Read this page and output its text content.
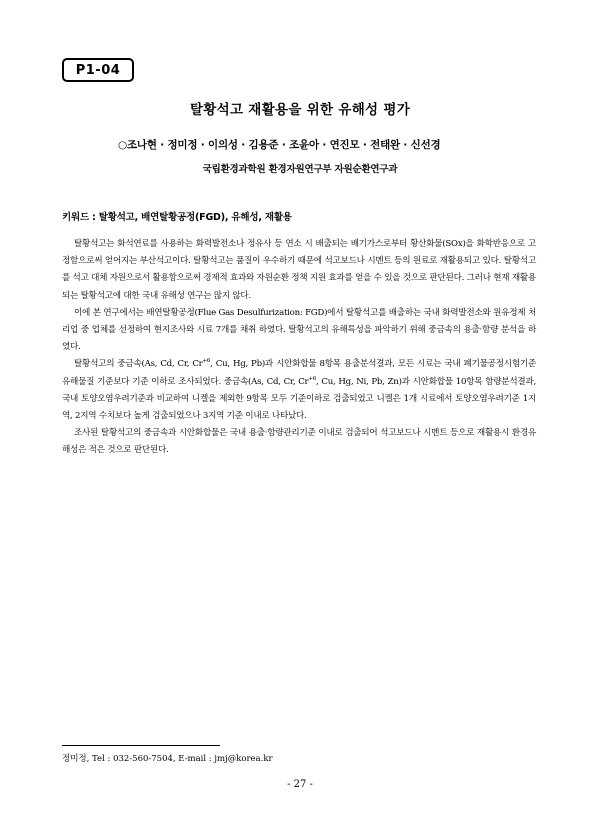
P1-04
탈황석고 재활용을 위한 유해성 평가
○조나현 · 정미정 · 이의성 · 김용준 · 조윤아 · 연진모 · 전태완 · 신선경
국립환경과학원 환경자원연구부 자원순환연구과
키워드 : 탈황석고, 배연탈황공정(FGD), 유해성, 재활용

탈황석고는 화석연료를 사용하는 화력발전소나 정유사 등 연소 시 배출되는 배기가스로부터 황산화물(SOx)을 화학반응으로 고정함으로써 얻어지는 부산석고이다. 탈황석고는 품질이 우수하기 때문에 석고보드나 시멘트 등의 원료로 재활용되고 있다. 탈황석고를 석고 대체 자원으로서 활용함으로써 경제적 효과와 자원순환 정책 지원 효과를 얻을 수 있을 것으로 판단된다. 그러나 현재 재활용 되는 탈황석고에 대한 국내 유해성 연구는 많지 않다.

이에 본 연구에서는 배연탈황공정(Flue Gas Desulfurization: FGD)에서 탈황석고를 배출하는 국내 화력발전소와 원유정제 처리업 중 업체를 선정하여 현지조사와 시료 7개를 채취 하였다. 탈황석고의 유해특성을 파악하기 위해 중금속의 용출·함량 분석을 하였다.

탈황석고의 중금속(As, Cd, Cr, $Cr^{+6}$, Cu, Hg, Pb)과 시안화합물 8항목 용출분석결과, 모든 시료는 국내 폐기물공정시험기준 유해물질 기준보다 기준 이하로 조사되었다. 중금속(As, Cd, Cr, $Cr^{+6}$, Cu, Hg, Ni, Pb, Zn)과 시안화합물 10항목 함량분석결과, 국내 토양오염우려기준과 비교하여 니켈을 제외한 9항목 모두 기준이하로 검출되었고 니켈은 1개 시료에서 토양오염우려기준 1지역, 2지역 수치보다 높게 검출되었으나 3지역 기준 이내로 나타났다.

조사된 탈황석고의 중금속과 시안화합물은 국내 용출·함량관리기준 이내로 검출되어 석고보드나 시멘트 등으로 재활용시 환경유해성은 적은 것으로 판단된다.

정미정, Tel : 032-560-7504, E-mail : jmj@korea.kr
- 27 -
